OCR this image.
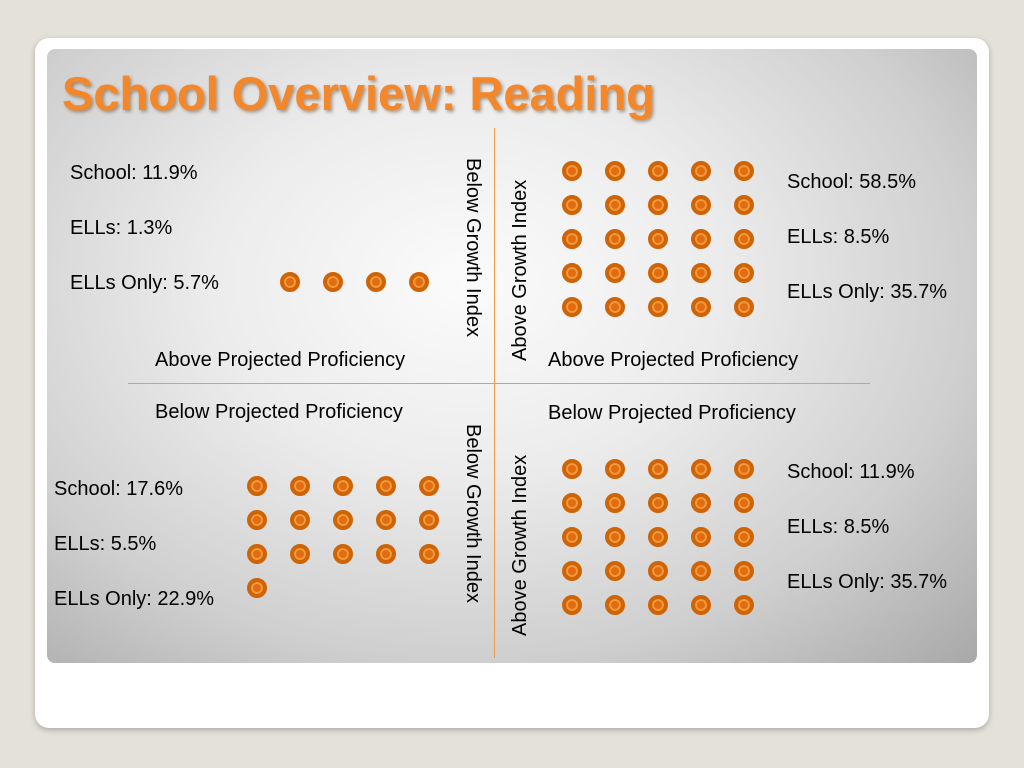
School Overview: Reading
School: 11.9%
ELLs: 1.3%
ELLs Only: 5.7%
Above Projected Proficiency
Below Growth Index	School: 58.5%
ELLs: 8.5%
ELLs Only: 35.7%
Above Projected Proficiency
Above Growth Index
School: 17.6%
ELLs: 5.5%
ELLs Only: 22.9%
Below Projected Proficiency
Below Growth Index	School: 11.9%
ELLs: 8.5%
ELLs Only: 35.7%
Below Projected Proficiency
Above Growth Index
